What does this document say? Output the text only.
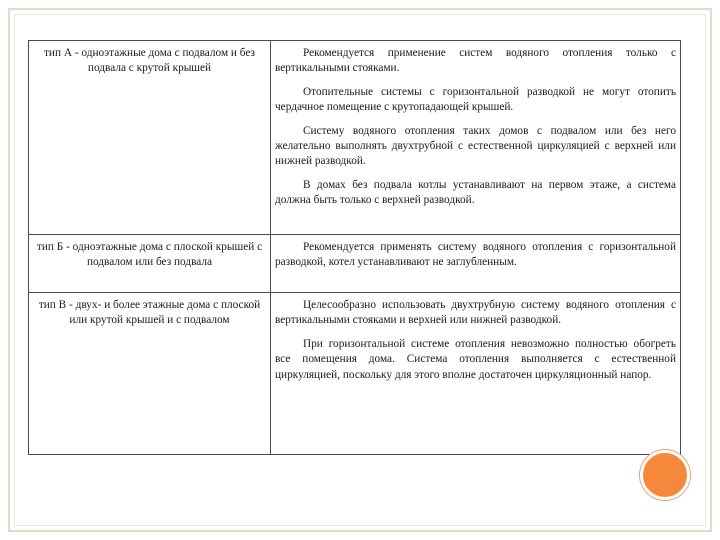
тип А - одноэтажные дома с подвалом и без подвала с крутой крышей	Рекомендуется применение систем водяного отопления только с вертикальными стояками.

Отопительные системы с горизонтальной разводкой не могут отопить чердачное помещение с крутопадающей крышей.

Систему водяного отопления таких домов с подвалом или без него желательно выполнять двухтрубной с естественной циркуляцией с верхней или нижней разводкой.

В домах без подвала котлы устанавливают на первом этаже, а система должна быть только с верхней разводкой.

тип Б - одноэтажные дома с плоской крышей с подвалом или без подвала	Рекомендуется применять систему водяного отопления с горизонтальной разводкой, котел устанавливают не заглубленным.

тип В - двух- и более этажные дома с плоской или крутой крышей и с подвалом	Целесообразно использовать двухтрубную систему водяного отопления с вертикальными стояками и верхней или нижней разводкой.

При горизонтальной системе отопления невозможно полностью обогреть все помещения дома. Система отопления выполняется с естественной циркуляцией, поскольку для этого вполне достаточен циркуляционный напор.
